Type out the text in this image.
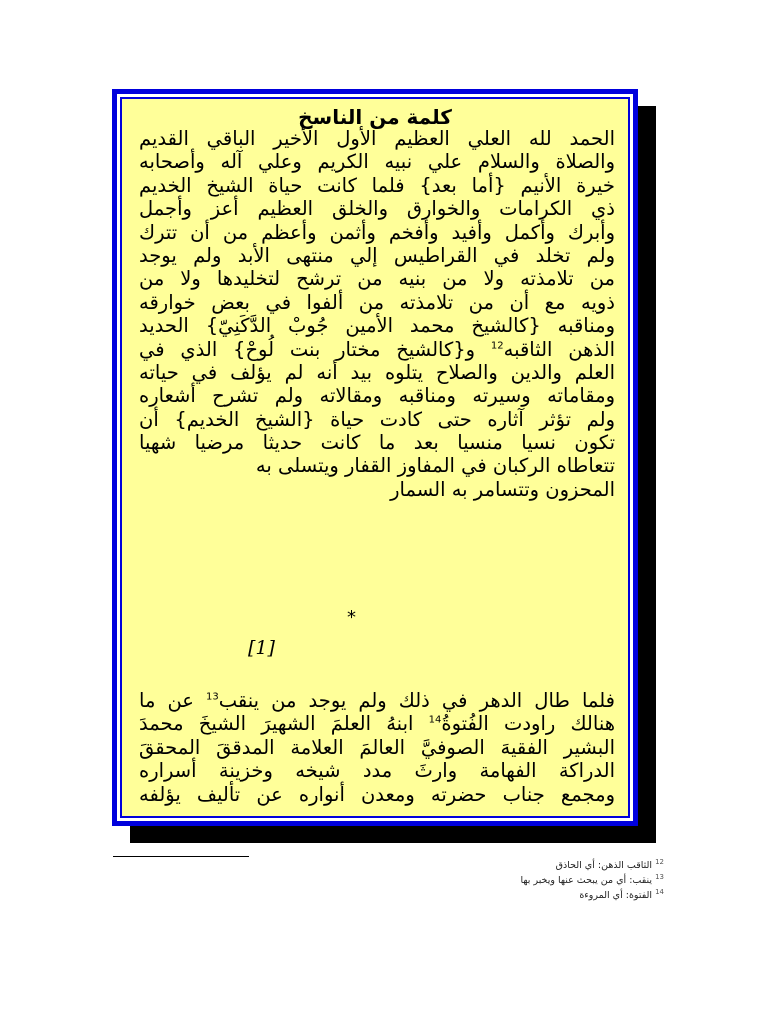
كلمة من الناسخ
الحمد لله العلي العظيم الأول الأخير الباقي القديم
والصلاة والسلام علي نبيه الكريم وعلي آله وأصحابه
خيرة الأنيم {أما بعد} فلما كانت حياة الشيخ الخديم
ذي الكرامات والخوارق والخلق العظيم أعز وأجمل
وأبرك وأكمل وأفيد وأفخم وأثمن وأعظم من أن تترك
ولم تخلد في القراطيس إلي منتهى الأبد ولم يوجد
من تلامذته ولا من بنيه من ترشح لتخليدها ولا من
ذويه مع أن من تلامذته من ألفوا في بعض خوارقه
ومناقبه {كالشيخ محمد الأمين جُوبْ الدَّكَنِيّ} الحديد
الذهن الثاقبه$^{12}$ و{كالشيخ مختار بنت لُوحْ} الذي في
العلم والدين والصلاح يتلوه بيد أنه لم يؤلف في حياته
ومقاماته وسيرته ومناقبه ومقالاته ولم تشرح أشعاره
ولم تؤثر آثاره حتى كادت حياة {الشيخ الخديم} أن
تكون نسيا منسيا بعد ما كانت حديثا مرضيا شهيا
تتعاطاه الركبان في المفاوز القفار ويتسلى به
المحزون وتتسامر به السمار
*
[1]
فلما طال الدهر في ذلك ولم يوجد من ينقب$^{13}$ عن ما
هنالك راودت الفُتوةُ$^{14}$ ابنهُ العلمَ الشهيرَ الشيخَ محمدَ
البشير الفقيهَ الصوفيَّ العالمَ العلامة المدققَ المحققَ
الدراكة الفهامة وارثَ مدد شيخه وخزينة أسراره
ومجمع جناب حضرته ومعدن أنواره عن تأليف يؤلفه
$^{12}$ الثاقب الذهن: أي الحاذق
$^{13}$ ينقب: أي من يبحث عنها ويخبر بها
$^{14}$ الفتوة: أي المروءة
